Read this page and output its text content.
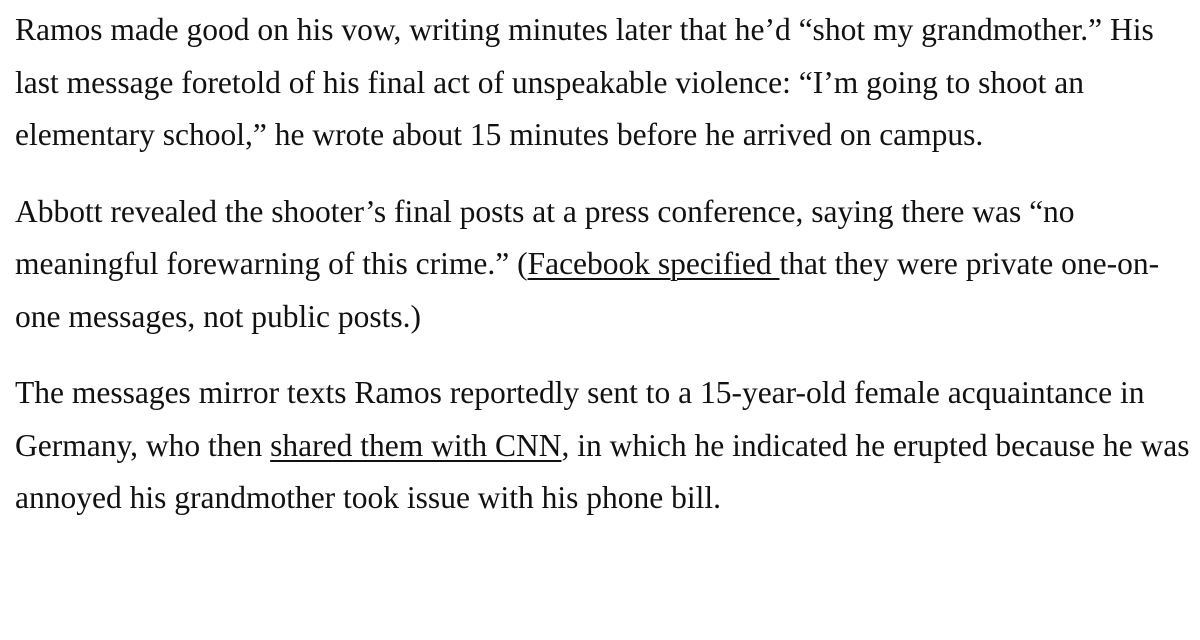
Ramos made good on his vow, writing minutes later that he’d “shot my grandmother.” His last message foretold of his final act of unspeakable violence: “I’m going to shoot an elementary school,” he wrote about 15 minutes before he arrived on campus.

Abbott revealed the shooter’s final posts at a press conference, saying there was “no meaningful forewarning of this crime.” (Facebook specified that they were private one-on-one messages, not public posts.)

The messages mirror texts Ramos reportedly sent to a 15-year-old female acquaintance in Germany, who then shared them with CNN, in which he indicated he erupted because he was annoyed his grandmother took issue with his phone bill.
